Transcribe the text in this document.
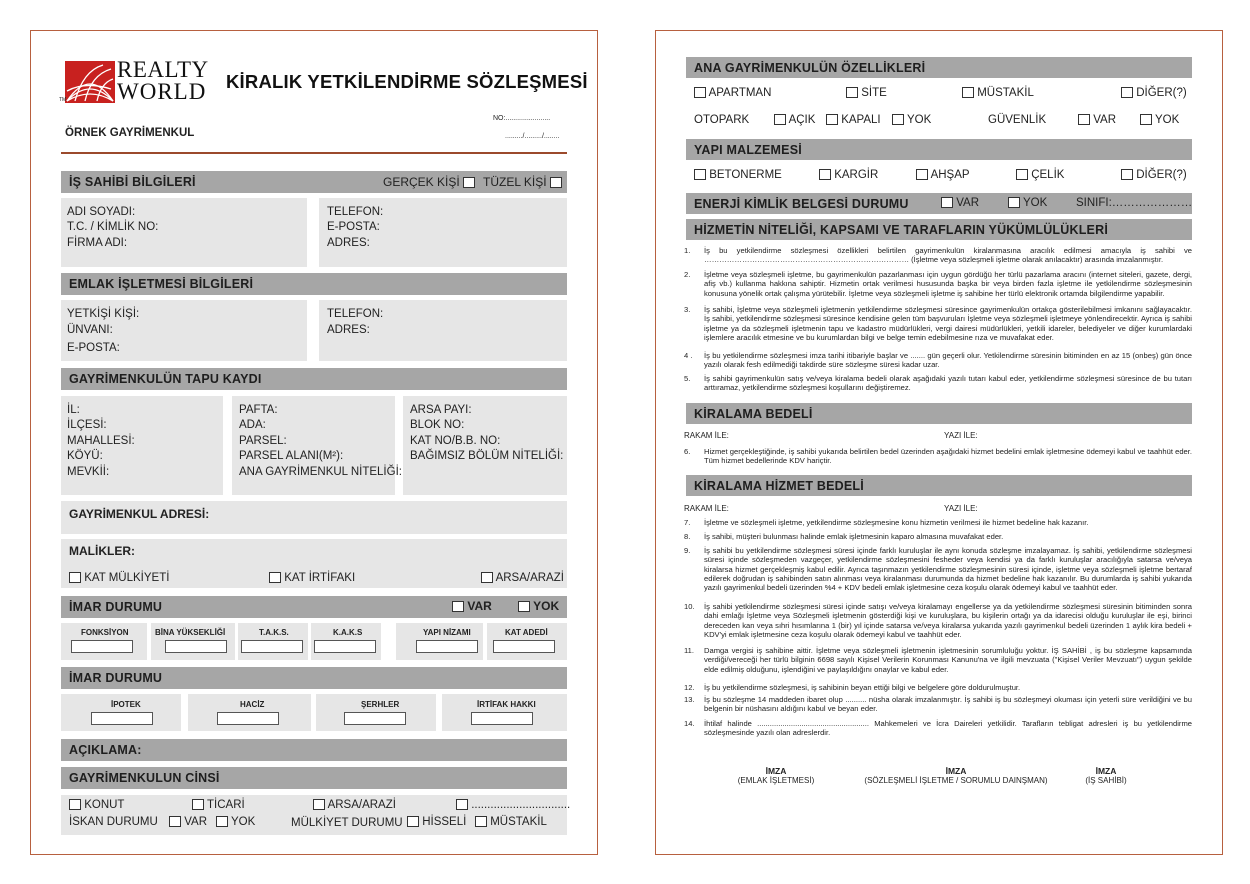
REALTY
WORLD
TM
KİRALIK YETKİLENDİRME SÖZLEŞMESİ
ÖRNEK GAYRİMENKUL
NO:.......................
........./........./........
İŞ SAHİBİ BİLGİLERİ	GERÇEK KİŞİ	TÜZEL KİŞİ
ADI SOYADI:
T.C. / KİMLİK NO:
FİRMA ADI:
TELEFON:
E-POSTA:
ADRES:
EMLAK İŞLETMESİ BİLGİLERİ
YETKİŞİ KİŞİ:
ÜNVANI:
E-POSTA:
TELEFON:
ADRES:
GAYRİMENKULÜN TAPU KAYDI
İL:
İLÇESİ:
MAHALLESİ:
KÖYÜ:
MEVKİİ:
PAFTA:
ADA:
PARSEL:
PARSEL ALANI(M²):
ANA GAYRİMENKUL NİTELİĞİ:
ARSA PAYI:
BLOK NO:
KAT NO/B.B. NO:
BAĞIMSIZ BÖLÜM NİTELİĞİ:
GAYRİMENKUL ADRESİ:
MALİKLER:
KAT MÜLKİYETİ	KAT İRTİFAKI	ARSA/ARAZİ
İMAR DURUMU	VAR	YOK
FONKSİYON	BİNA YÜKSEKLİĞİ	T.A.K.S.	K.A.K.S	YAPI NİZAMI	KAT ADEDİ
İMAR DURUMU
İPOTEK	HACİZ	ŞERHLER	İRTİFAK HAKKI
AÇIKLAMA:
GAYRİMENKULUN CİNSİ
KONUT	TİCARİ	ARSA/ARAZİ	...............................
İSKAN DURUMU	VAR	YOK	MÜLKİYET DURUMU	HİSSELİ	MÜSTAKİL
ANA GAYRİMENKULÜN ÖZELLİKLERİ
APARTMAN	SİTE	MÜSTAKİL	DİĞER(?)
OTOPARK	AÇIK	KAPALI	YOK	GÜVENLİK	VAR	YOK
YAPI MALZEMESİ
BETONERME	KARGİR	AHŞAP	ÇELİK	DİĞER(?)
ENERJİ KİMLİK BELGESİ DURUMU	VAR	YOK SINIFI:…………………
HİZMETİN NİTELİĞİ, KAPSAMI VE TARAFLARIN YÜKÜMLÜLÜKLERİ
1.	İş bu yetkilendirme sözleşmesi özellikleri belirtilen gayrimenkulün kiralanmasına aracılık edilmesi amacıyla iş sahibi ve ……………………………………………………………………… (İşletme veya sözleşmeli işletme olarak anılacaktır) arasında imzalanmıştır.
2.	İşletme veya sözleşmeli işletme, bu gayrimenkulün pazarlanması için uygun gördüğü her türlü pazarlama aracını (internet siteleri, gazete, dergi, afiş vb.) kullanma hakkına sahiptir. Hizmetin ortak verilmesi hususunda başka bir veya birden fazla işletme ile yetkilendirme sözleşmesinin konusuna yönelik ortak çalışma yürütebilir. İşletme veya sözleşmeli işletme iş sahibine her türlü elektronik ortamda bilgilendirme yapabilir.
3.	İş sahibi, İşletme veya sözleşmeli işletmenin yetkilendirme sözleşmesi süresince gayrimenkulün ortakça gösterilebilmesi imkanını sağlayacaktır. İş sahibi, yetkilendirme sözleşmesi süresince kendisine gelen tüm başvuruları İşletme veya sözleşmeli işletmeye yönlendirecektir. Ayrıca iş sahibi işletme ya da sözleşmeli işletmenin tapu ve kadastro müdürlükleri, vergi dairesi müdürlükleri, yetkili idareler, belediyeler ve diğer kurumlardaki işlemlere aracılık etmesine ve bu kurumlardan bilgi ve belge temin edebilmesine rıza ve muvafakat eder.
4 .	İş bu yetkilendirme sözleşmesi imza tarihi itibariyle başlar ve ....... gün geçerli olur. Yetkilendirme süresinin bitiminden en az 15 (onbeş) gün önce yazılı olarak fesh edilmediği takdirde süre sözleşme süresi kadar uzar.
5.	İş sahibi gayrimenkulün satış ve/veya kiralama bedeli olarak aşağıdaki yazılı tutarı kabul eder, yetkilendirme sözleşmesi süresince de bu tutarı arttıramaz, yetkilendirme sözleşmesi koşullarını değiştiremez.
KİRALAMA BEDELİ
RAKAM İLE:	YAZI İLE:
6.	Hizmet gerçekleştiğinde, iş sahibi yukarıda belirtilen bedel üzerinden aşağıdaki hizmet bedelini emlak işletmesine ödemeyi kabul ve taahhüt eder. Tüm hizmet bedellerinde KDV hariçtir.
KİRALAMA HİZMET BEDELİ
RAKAM İLE:	YAZI İLE:
7.	İşletme ve sözleşmeli işletme, yetkilendirme sözleşmesine konu hizmetin verilmesi ile hizmet bedeline hak kazanır.
8.	İş sahibi, müşteri bulunması halinde emlak işletmesinin kaparo almasına muvafakat eder.
9.	İş sahibi bu yetkilendirme sözleşmesi süresi içinde farklı kuruluşlar ile aynı konuda sözleşme imzalayamaz. İş sahibi, yetkilendirme sözleşmesi süresi içinde sözleşmeden vazgeçer, yetkilendirme sözleşmesini fesheder veya kendisi ya da farklı kuruluşlar aracılığıyla satarsa ve/veya kiralarsa hizmet gerçekleşmiş kabul edilir. Ayrıca taşınmazın yetkilendirme sözleşmesinin süresi içinde, işletme veya sözleşmeli işletme bertaraf edilerek doğrudan iş sahibinden satın alınması veya kiralanması durumunda da hizmet bedeline hak kazanılır. Bu durumlarda iş sahibi yukarıda yazılı gayrimenkul bedeli üzerinden %4 + KDV bedeli emlak işletmesine ceza koşulu olarak ödemeyi kabul ve taahhüt eder.
10.	İş sahibi yetkilendirme sözleşmesi süresi içinde satışı ve/veya kiralamayı engellerse ya da yetkilendirme sözleşmesi süresinin bitiminden sonra dahi emlağı İşletme veya Sözleşmeli işletmenin gösterdiği kişi ve kuruluşlara, bu kişilerin ortağı ya da idarecisi olduğu kuruluşlar ile eşi, birinci dereceden kan veya sıhri hısımlarına 1 (bir) yıl içinde satarsa ve/veya kiralarsa yukarıda yazılı gayrimenkul bedeli üzerinden 1 aylık kira bedeli + KDV'yi emlak işletmesine ceza koşulu olarak ödemeyi kabul ve taahhüt eder.
11.	Damga vergisi iş sahibine aittir. İşletme veya sözleşmeli işletmenin işletmesinin sorumluluğu yoktur. İŞ SAHİBİ , iş bu sözleşme kapsamında verdiği/vereceği her türlü bilginin 6698 sayılı Kişisel Verilerin Korunması Kanunu'na ve ilgili mevzuata ("Kişisel Veriler Mevzuatı") uygun şekilde elde edilmiş olduğunu, işlendiğini ve paylaşıldığını onaylar ve kabul eder.
12.	İş bu yetkilendirme sözleşmesi, iş sahibinin beyan ettiği bilgi ve belgelere göre doldurulmuştur.
13.	İş bu sözleşme 14 maddeden ibaret olup .......... nüsha olarak imzalanmıştır. İş sahibi iş bu sözleşmeyi okuması için yeterli süre verildiğini ve bu belgenin bir nüshasını aldığını kabul ve beyan eder.
14.	İhtilaf halinde ..................................................... Mahkemeleri ve İcra Daireleri yetkilidir. Tarafların tebligat adresleri iş bu yetkilendirme sözleşmesinde yazılı olan adreslerdir.
İMZA
(EMLAK İŞLETMESİ)
İMZA
(SÖZLEŞMELİ İŞLETME / SORUMLU DAINŞMAN)
İMZA
(İŞ SAHİBİ)
